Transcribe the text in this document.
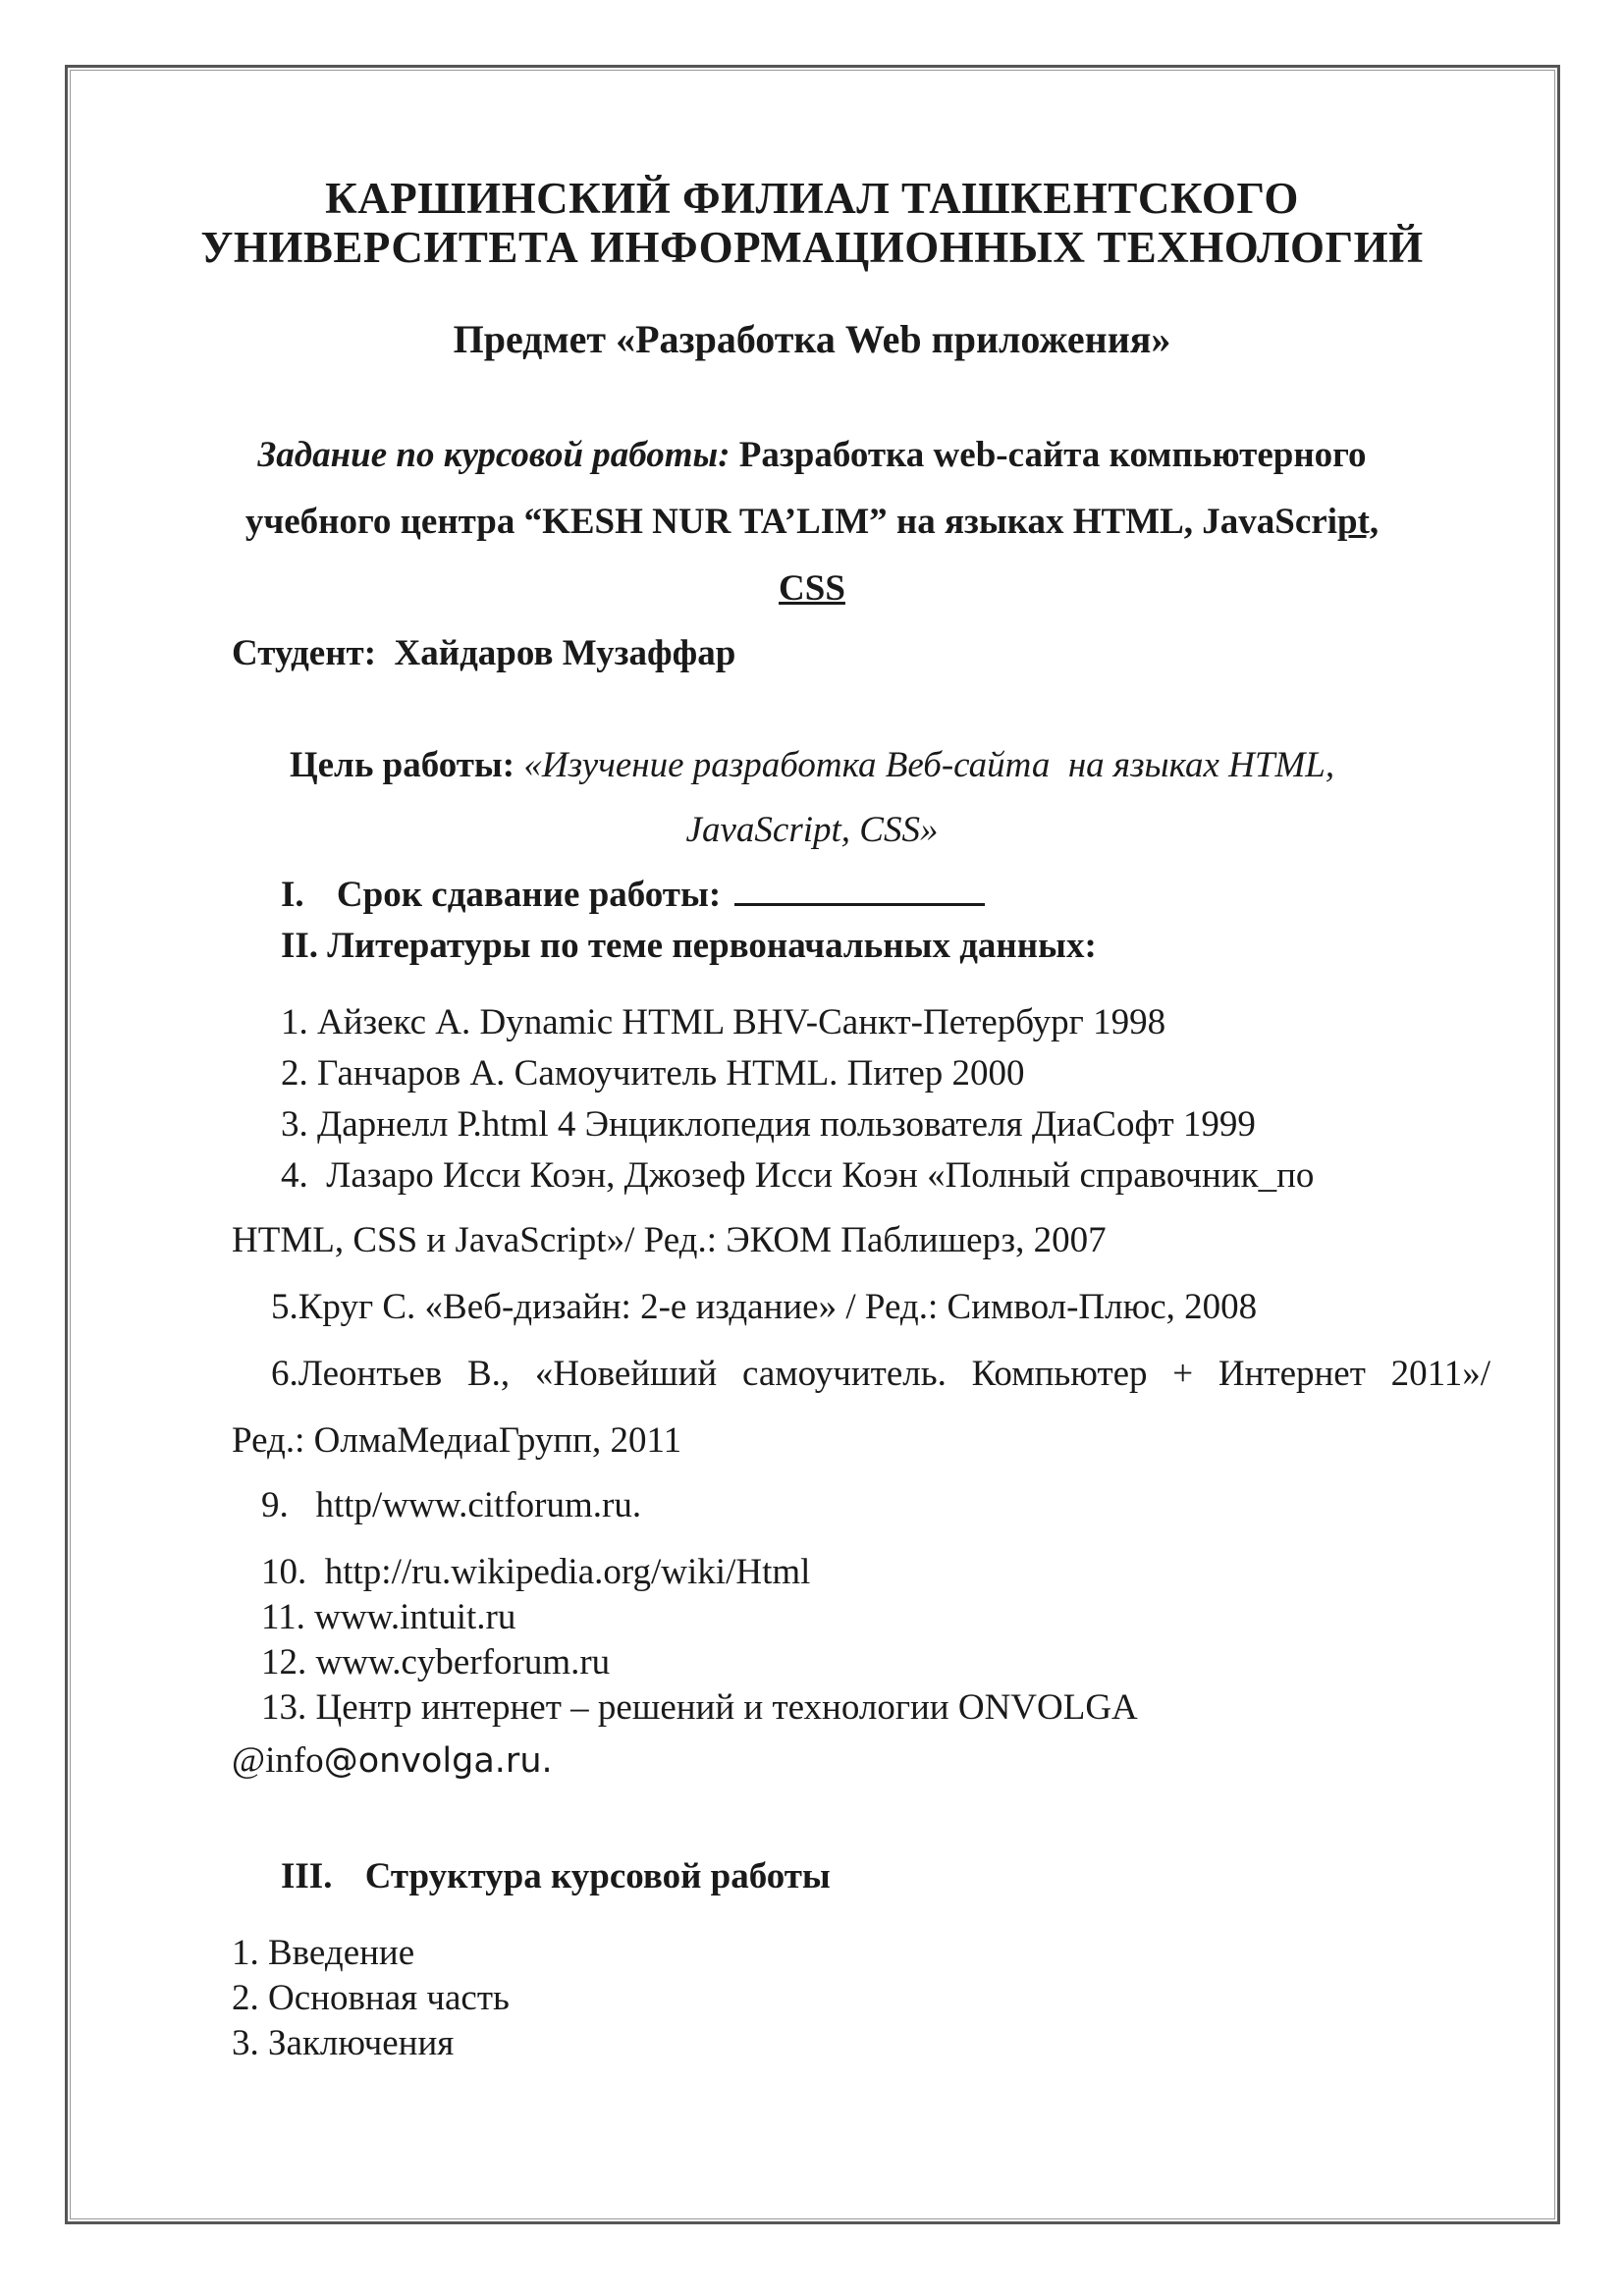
КАРШИНСКИЙ ФИЛИАЛ ТАШКЕНТСКОГО
УНИВЕРСИТЕТА ИНФОРМАЦИОННЫХ ТЕХНОЛОГИЙ
Предмет «Разработка Web приложения»
Задание по курсовой работы: Разработка web-сайта компьютерного
учебного центра “KESH NUR TA’LIM” на языках HTML, JavaScript,
CSS
Студент:  Хайдаров Музаффар
Цель работы: «Изучение разработка Веб-сайта  на языках HTML,
JavaScript, CSS»
I. Срок сдавание работы:
II. Литературы по теме первоначальных данных:
1. Айзекс А. Dynamic HTML BHV-Санкт-Петербург 1998
2. Ганчаров А. Самоучитель HTML. Питер 2000
3. Дарнелл Р.html 4 Энциклопедия пользователя ДиаСофт 1999
4.  Лазаро Исси Коэн, Джозеф Исси Коэн «Полный справочник_по
HTML, CSS и JavaScript»/ Ред.: ЭКОМ Паблишерз, 2007
5.Круг С. «Веб-дизайн: 2-е издание» / Ред.: Символ-Плюс, 2008
6.Леонтьев В., «Новейший самоучитель. Компьютер + Интернет 2011»/
Ред.: ОлмаМедиаГрупп, 2011
9.   http/www.citforum.ru.
10.  http://ru.wikipedia.org/wiki/Html
11. www.intuit.ru
12. www.cyberforum.ru
13. Центр интернет – решений и технологии ONVOLGA
@info@onvolga.ru.
III. Структура курсовой работы
1. Введение
2. Основная часть
3. Заключения
